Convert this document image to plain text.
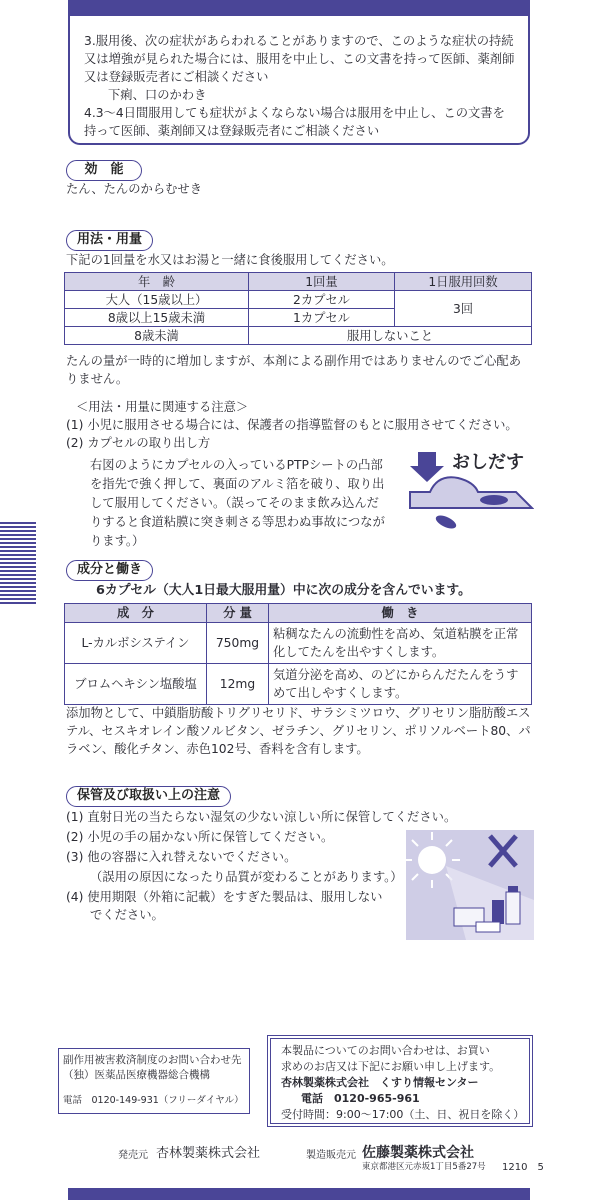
3.服用後、次の症状があらわれることがありますので、このような症状の持続又は増強が見られた場合には、服用を中止し、この文書を持って医師、薬剤師又は登録販売者にご相談ください

下痢、口のかわき

4.3～4日間服用しても症状がよくならない場合は服用を中止し、この文書を持って医師、薬剤師又は登録販売者にご相談ください

効　能
たん、たんのからむせき
用法・用量
下記の1回量を水又はお湯と一緒に食後服用してください。
年　齢	1回量	1日服用回数
大人（15歳以上）	2カプセル	3回
8歳以上15歳未満	1カプセル	
8歳未満	服用しないこと	
たんの量が一時的に増加しますが、本剤による副作用ではありませんのでご心配ありません。
＜用法・用量に関連する注意＞
(1) 小児に服用させる場合には、保護者の指導監督のもとに服用させてください。
(2) カプセルの取り出し方
右図のようにカプセルの入っているPTPシートの凸部を指先で強く押して、裏面のアルミ箔を破り、取り出して服用してください。（誤ってそのまま飲み込んだりすると食道粘膜に突き刺さる等思わぬ事故につながります。）
おしだす
成分と働き
6カプセル（大人1日最大服用量）中に次の成分を含んでいます。
成　分	分 量	働　き
L-カルボシステイン	750mg	粘稠なたんの流動性を高め、気道粘膜を正常化してたんを出やすくします。
ブロムヘキシン塩酸塩	12mg	気道分泌を高め、のどにからんだたんをうすめて出しやすくします。
添加物として、中鎖脂肪酸トリグリセリド、サラシミツロウ、グリセリン脂肪酸エステル、セスキオレイン酸ソルビタン、ゼラチン、グリセリン、ポリソルベート80、パラベン、酸化チタン、赤色102号、香料を含有します。
保管及び取扱い上の注意
(1) 直射日光の当たらない湿気の少ない涼しい所に保管してください。
(2) 小児の手の届かない所に保管してください。
(3) 他の容器に入れ替えないでください。
（誤用の原因になったり品質が変わることがあります。）
(4) 使用期限（外箱に記載）をすぎた製品は、服用しない
でください。
副作用被害救済制度のお問い合わせ先
（独）医薬品医療機器総合機構
電話　0120-149-931（フリーダイヤル）
本製品についてのお問い合わせは、お買い
求めのお店又は下記にお願い申し上げます。
杏林製薬株式会社　くすり情報センター
電話　0120-965-961
受付時間：9:00～17:00（土、日、祝日を除く）
発売元 杏林製薬株式会社	製造販売元 佐藤製薬株式会社
東京都港区元赤坂1丁目5番27号 1210　5
